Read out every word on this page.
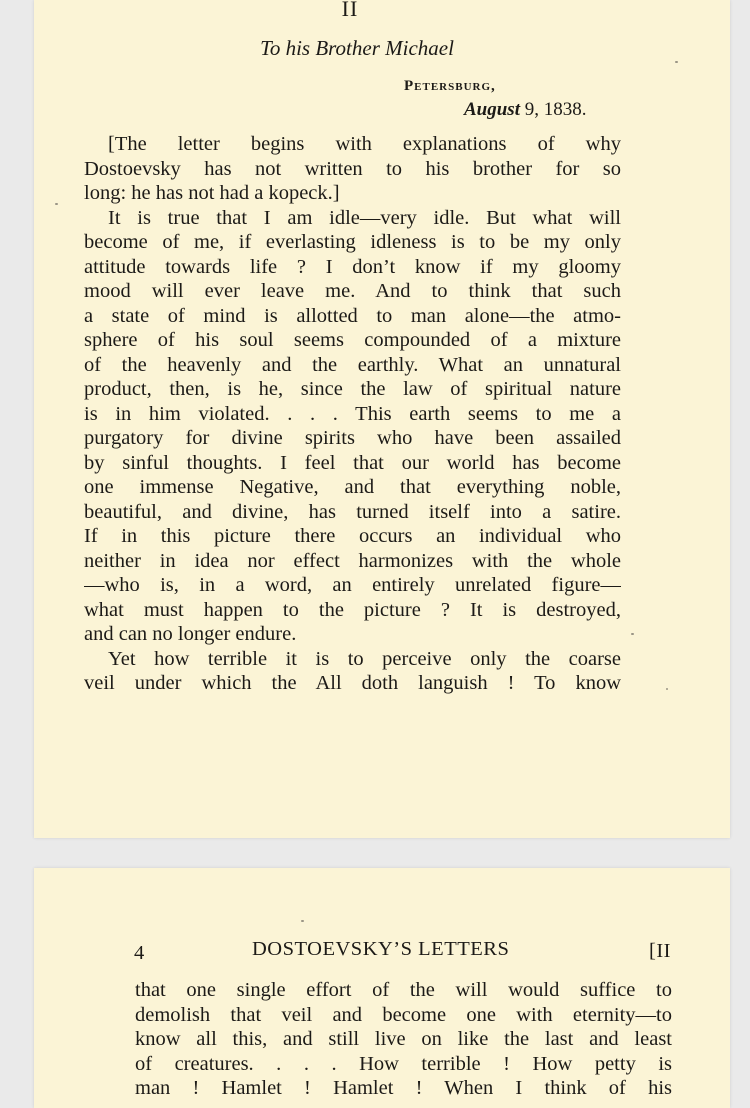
II
To his Brother Michael
Petersburg,
August 9, 1838.
[The letter begins with explanations of why
Dostoevsky has not written to his brother for so
long: he has not had a kopeck.]
It is true that I am idle—very idle. But what will
become of me, if everlasting idleness is to be my only
attitude towards life ? I don’t know if my gloomy
mood will ever leave me. And to think that such
a state of mind is allotted to man alone—the atmo-
sphere of his soul seems compounded of a mixture
of the heavenly and the earthly. What an unnatural
product, then, is he, since the law of spiritual nature
is in him violated. . . . This earth seems to me a
purgatory for divine spirits who have been assailed
by sinful thoughts. I feel that our world has become
one immense Negative, and that everything noble,
beautiful, and divine, has turned itself into a satire.
If in this picture there occurs an individual who
neither in idea nor effect harmonizes with the whole
—who is, in a word, an entirely unrelated figure—
what must happen to the picture ? It is destroyed,
and can no longer endure.
Yet how terrible it is to perceive only the coarse
veil under which the All doth languish ! To know
4	DOSTOEVSKY’S LETTERS	[II
that one single effort of the will would suffice to
demolish that veil and become one with eternity—to
know all this, and still live on like the last and least
of creatures. . . . How terrible ! How petty is
man ! Hamlet ! Hamlet ! When I think of his
